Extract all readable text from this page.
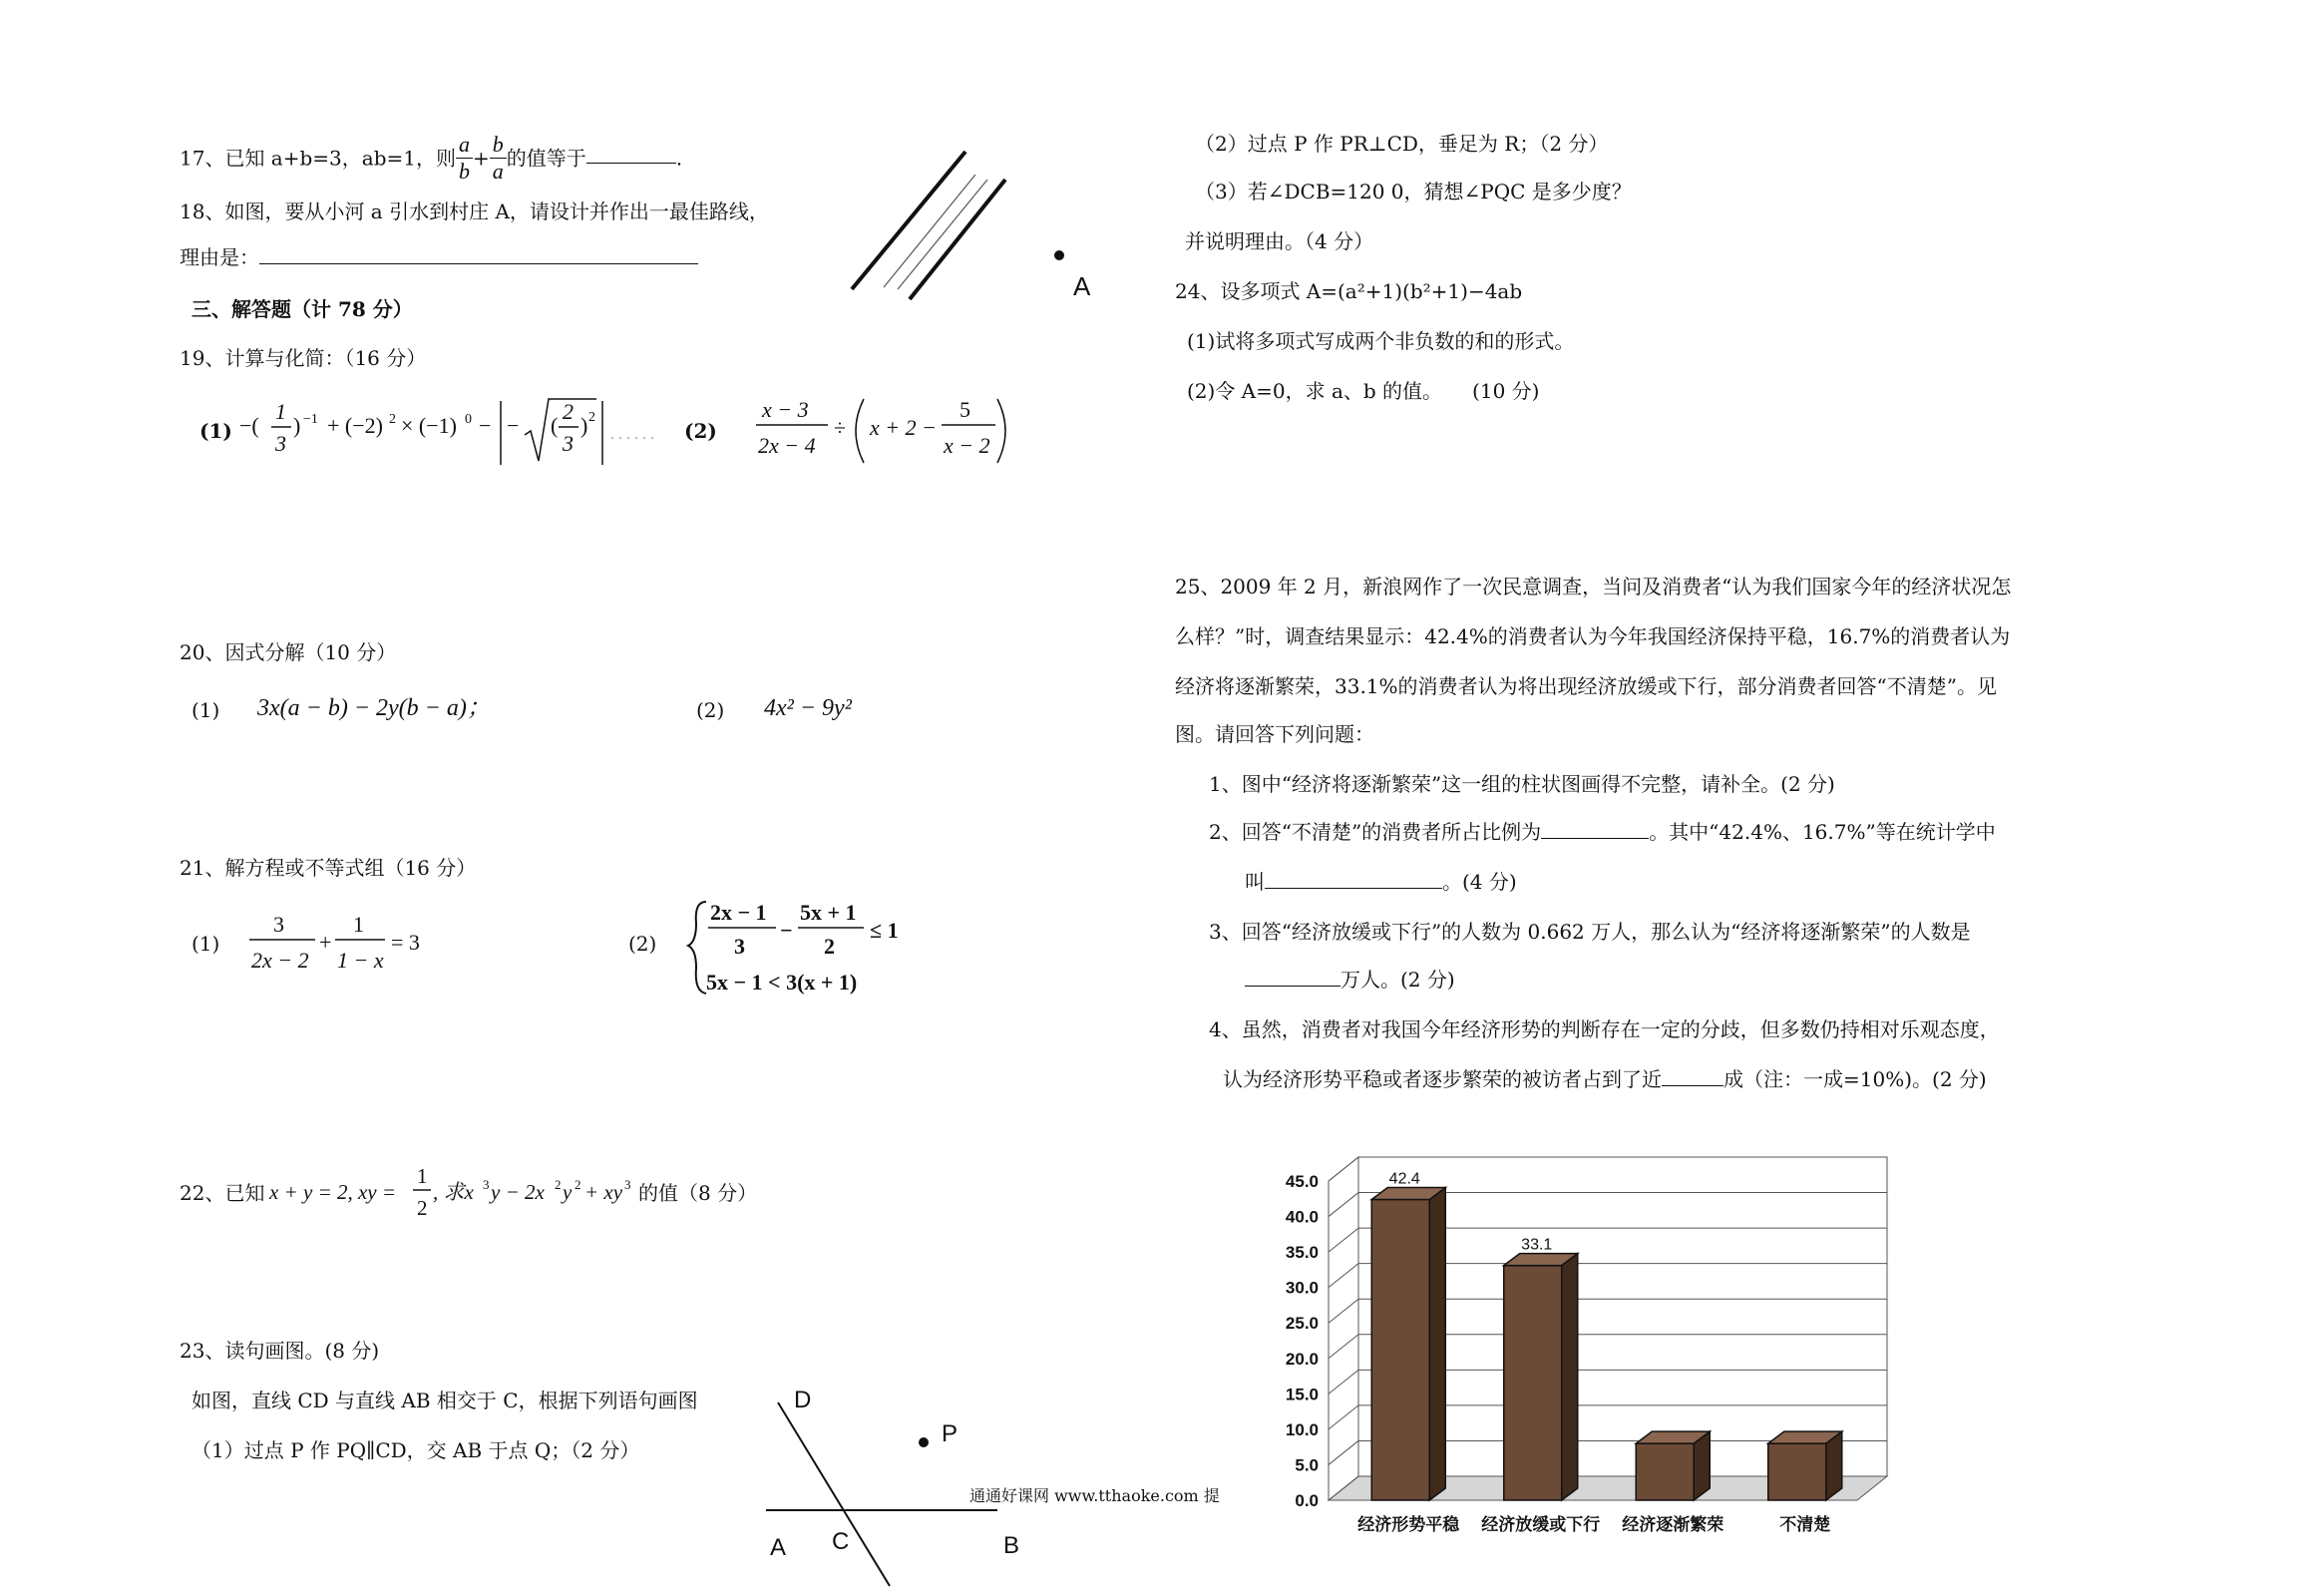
17、已知 a+b=3，ab=1，则 $\frac{a}{b} + \frac{b}{a}$ 的值等于	.
18、如图，要从小河 a 引水到村庄 A，请设计并作出一最佳路线，
理由是：
A
三、解答题（计 78 分）
19、计算与化简：（16 分）
(1) −(
1
3
) −1 + (−2) 2 × (−1) 0 − − (
2
3
) 2
. . . . . . (2)
x − 3
2x − 4
÷ x + 2 −
5
x − 2
20、因式分解（10 分）
(1) 3x(a − b) − 2y(b − a)；	(2) 4x² − 9y²
21、解方程或不等式组（16 分）
(1)
3
2x − 2
+
1
1 − x
= 3	(2)
2x − 1
3
−
5x + 1
2
≤ 1
5x − 1 < 3(x + 1)
22、已知 x + y = 2, xy =
1
2
, 求x 3 y − 2x 2 y 2 + xy 3 的值（8 分）
23、读句画图。(8 分)
如图，直线 CD 与直线 AB 相交于 C，根据下列语句画图
（1）过点 P 作 PQ∥CD，交 AB 于点 Q；（2 分）
D
P
A C	B
通通好课网 www.tthaoke.com 提
（2）过点 P 作 PR⊥CD，垂足为 R；（2 分）
（3）若∠DCB=120 0，猜想∠PQC 是多少度？
并说明理由。（4 分）
24、设多项式 A=(a²+1)(b²+1)−4ab
(1)试将多项式写成两个非负数的和的形式。
(2)令 A=0，求 a、b 的值。　　(10 分)
25、2009 年 2 月，新浪网作了一次民意调查，当问及消费者“认为我们国家今年的经济状况怎
么样？”时，调查结果显示：42.4%的消费者认为今年我国经济保持平稳，16.7%的消费者认为
经济将逐渐繁荣，33.1%的消费者认为将出现经济放缓或下行，部分消费者回答“不清楚”。见
图。请回答下列问题：
1、图中“经济将逐渐繁荣”这一组的柱状图画得不完整，请补全。(2 分)
2、回答“不清楚”的消费者所占比例为	。其中“42.4%、16.7%”等在统计学中
叫	。(4 分)
3、回答“经济放缓或下行”的人数为 0.662 万人，那么认为“经济将逐渐繁荣”的人数是
万人。(2 分)
4、虽然，消费者对我国今年经济形势的判断存在一定的分歧，但多数仍持相对乐观态度，
认为经济形势平稳或者逐步繁荣的被访者占到了近	成（注：一成=10%)。(2 分)
0.0
5.0
10.0
15.0
20.0
25.0
30.0
35.0
40.0
45.0	42.4
经济形势平稳
33.1
经济放缓或下行 经济逐渐繁荣	不清楚
